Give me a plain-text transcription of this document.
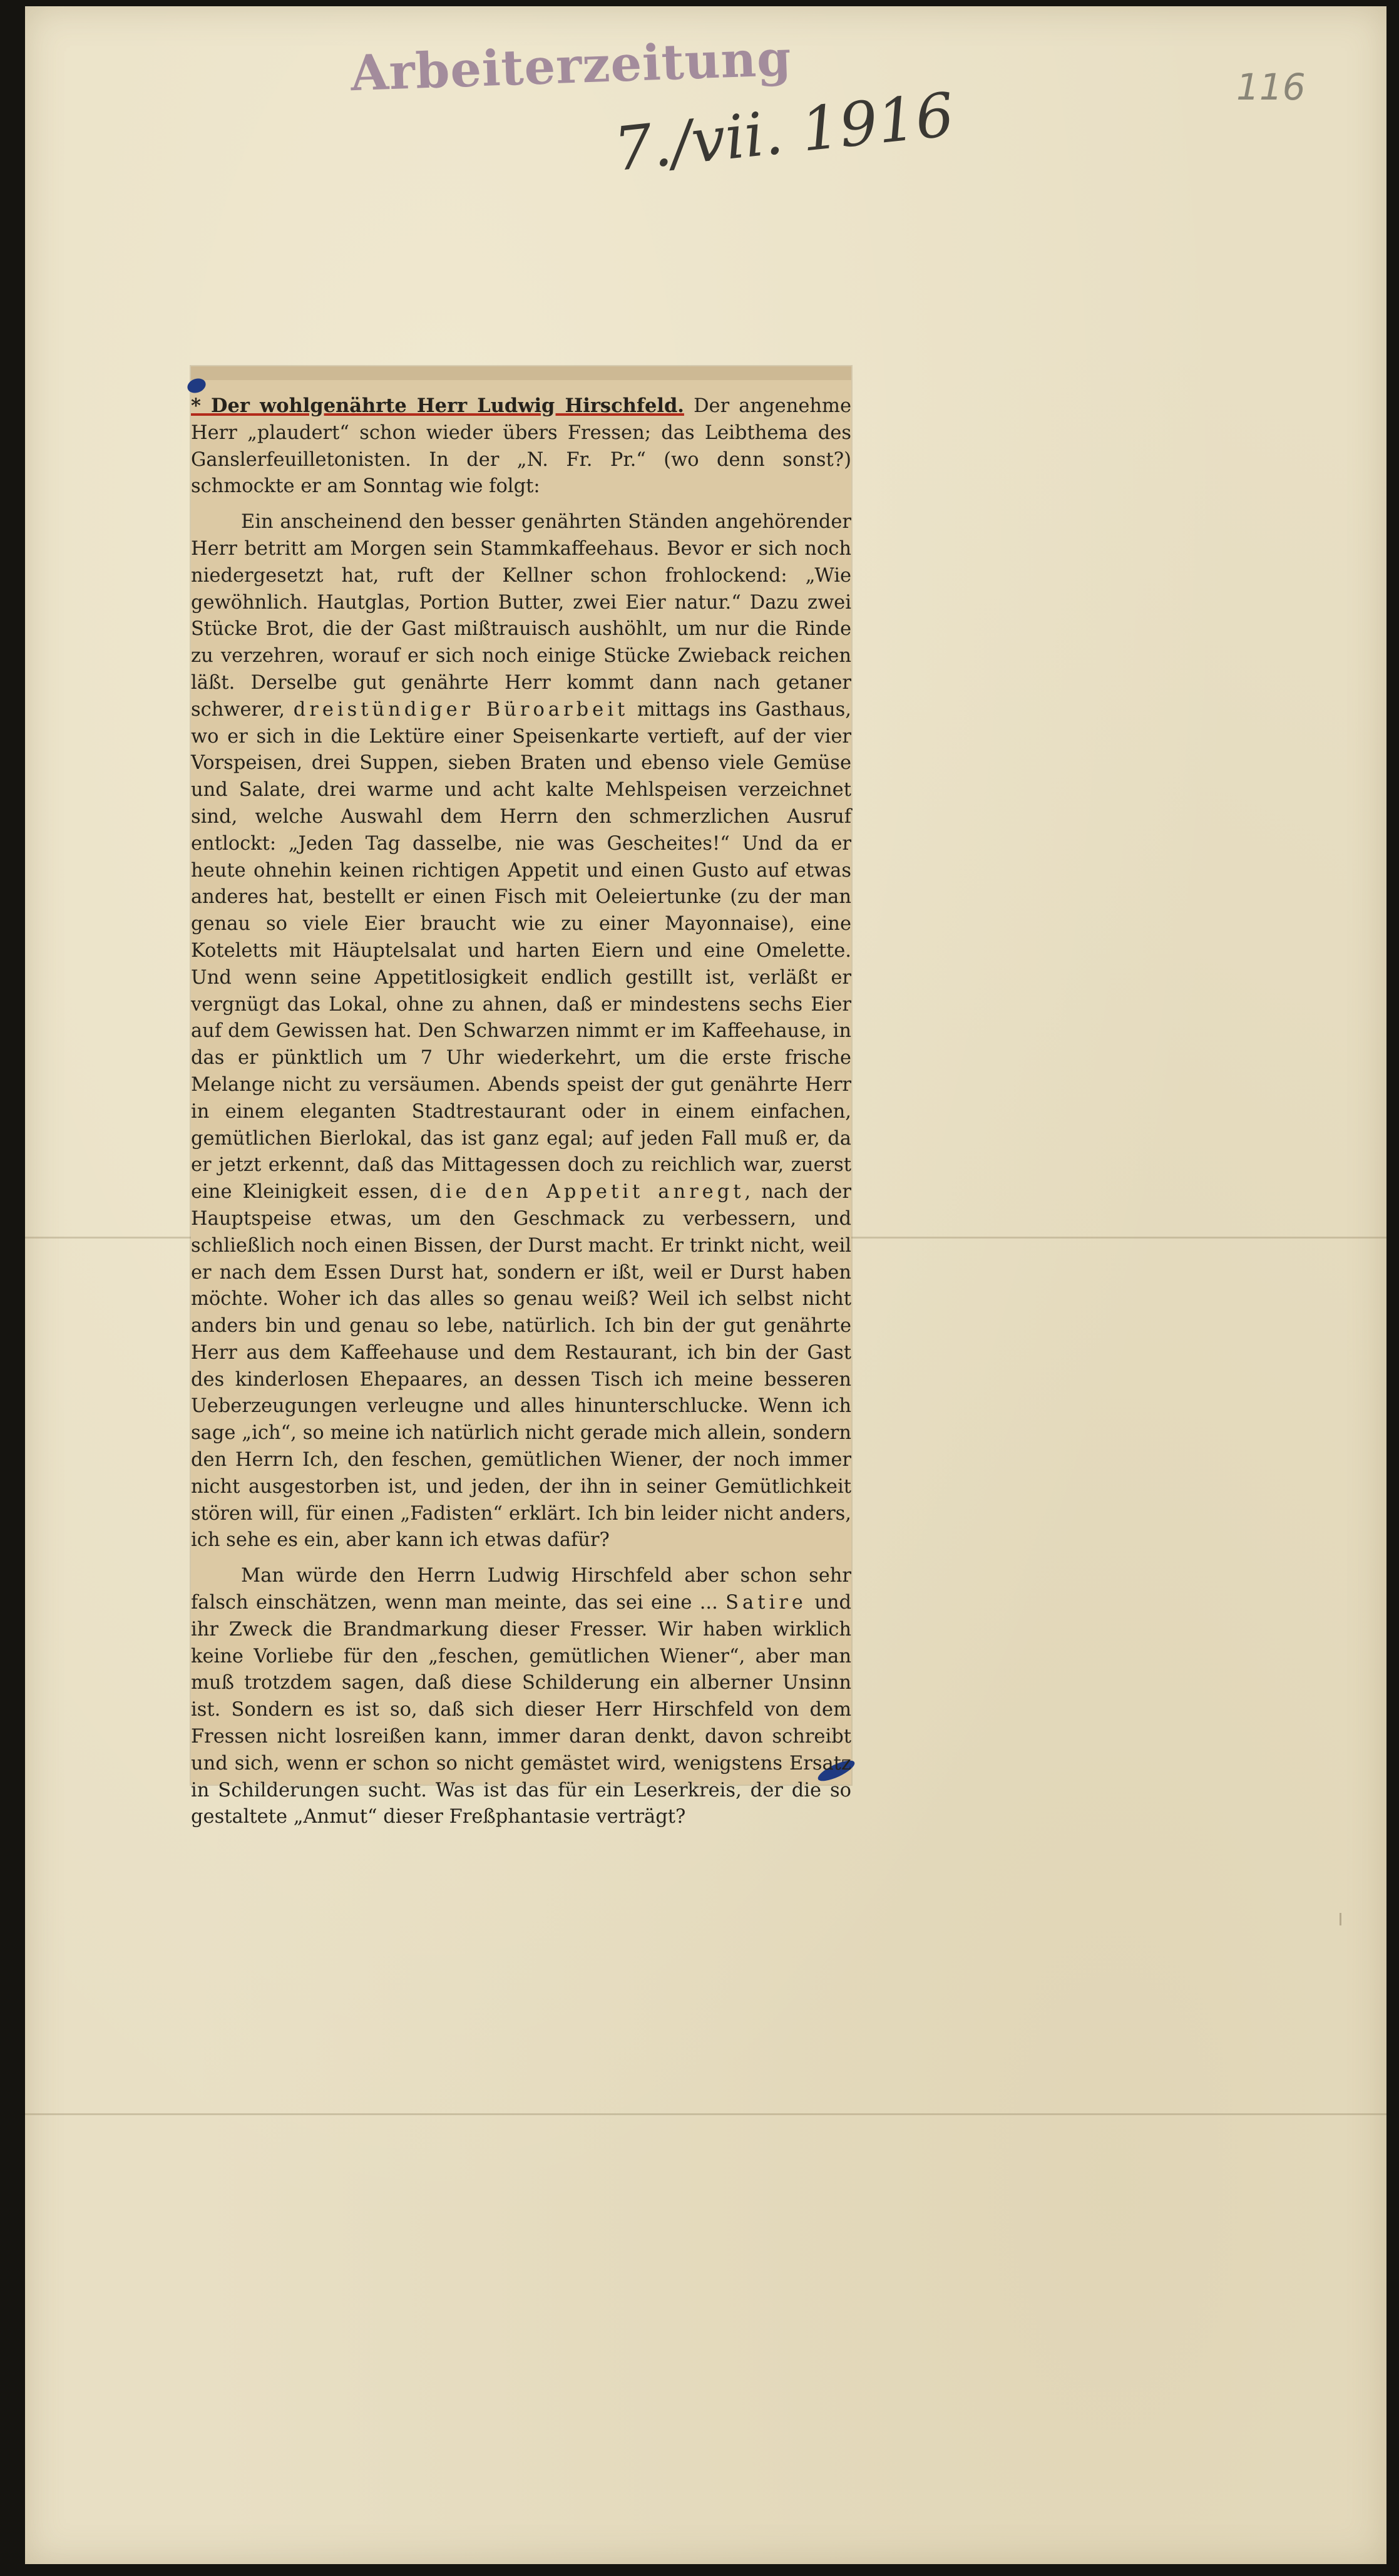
Arbeiterzeitung
7./vii. 1916	116

* Der wohlgenährte Herr Ludwig Hirschfeld. Der angenehme Herr „plaudert“ schon wieder übers Fressen; das Leibthema des Ganslerfeuilletonisten. In der „N. Fr. Pr.“ (wo denn sonst?) schmockte er am Sonntag wie folgt:

Ein anscheinend den besser genährten Ständen angehörender Herr betritt am Morgen sein Stammkaffeehaus. Bevor er sich noch niedergesetzt hat, ruft der Kellner schon frohlockend: „Wie gewöhnlich. Hautglas, Portion Butter, zwei Eier natur.“ Dazu zwei Stücke Brot, die der Gast mißtrauisch aushöhlt, um nur die Rinde zu verzehren, worauf er sich noch einige Stücke Zwieback reichen läßt. Derselbe gut genährte Herr kommt dann nach getaner schwerer, dreistündiger Büroarbeit mittags ins Gasthaus, wo er sich in die Lektüre einer Speisenkarte vertieft, auf der vier Vorspeisen, drei Suppen, sieben Braten und ebenso viele Gemüse und Salate, drei warme und acht kalte Mehlspeisen verzeichnet sind, welche Auswahl dem Herrn den schmerzlichen Ausruf entlockt: „Jeden Tag dasselbe, nie was Gescheites!“ Und da er heute ohnehin keinen richtigen Appetit und einen Gusto auf etwas anderes hat, bestellt er einen Fisch mit Oeleiertunke (zu der man genau so viele Eier braucht wie zu einer Mayonnaise), eine Koteletts mit Häuptelsalat und harten Eiern und eine Omelette. Und wenn seine Appetitlosigkeit endlich gestillt ist, verläßt er vergnügt das Lokal, ohne zu ahnen, daß er mindestens sechs Eier auf dem Gewissen hat. Den Schwarzen nimmt er im Kaffeehause, in das er pünktlich um 7 Uhr wiederkehrt, um die erste frische Melange nicht zu versäumen. Abends speist der gut genährte Herr in einem eleganten Stadtrestaurant oder in einem einfachen, gemütlichen Bierlokal, das ist ganz egal; auf jeden Fall muß er, da er jetzt erkennt, daß das Mittagessen doch zu reichlich war, zuerst eine Kleinigkeit essen, die den Appetit anregt, nach der Hauptspeise etwas, um den Geschmack zu verbessern, und schließlich noch einen Bissen, der Durst macht. Er trinkt nicht, weil er nach dem Essen Durst hat, sondern er ißt, weil er Durst haben möchte. Woher ich das alles so genau weiß? Weil ich selbst nicht anders bin und genau so lebe, natürlich. Ich bin der gut genährte Herr aus dem Kaffeehause und dem Restaurant, ich bin der Gast des kinderlosen Ehepaares, an dessen Tisch ich meine besseren Ueberzeugungen verleugne und alles hinunterschlucke. Wenn ich sage „ich“, so meine ich natürlich nicht gerade mich allein, sondern den Herrn Ich, den feschen, gemütlichen Wiener, der noch immer nicht ausgestorben ist, und jeden, der ihn in seiner Gemütlichkeit stören will, für einen „Fadisten“ erklärt. Ich bin leider nicht anders, ich sehe es ein, aber kann ich etwas dafür?

Man würde den Herrn Ludwig Hirschfeld aber schon sehr falsch einschätzen, wenn man meinte, das sei eine ... Satire und ihr Zweck die Brandmarkung dieser Fresser. Wir haben wirklich keine Vorliebe für den „feschen, gemütlichen Wiener“, aber man muß trotzdem sagen, daß diese Schilderung ein alberner Unsinn ist. Sondern es ist so, daß sich dieser Herr Hirschfeld von dem Fressen nicht losreißen kann, immer daran denkt, davon schreibt und sich, wenn er schon so nicht gemästet wird, wenigstens Ersatz in Schilderungen sucht. Was ist das für ein Leserkreis, der die so gestaltete „Anmut“ dieser Freßphantasie verträgt?
